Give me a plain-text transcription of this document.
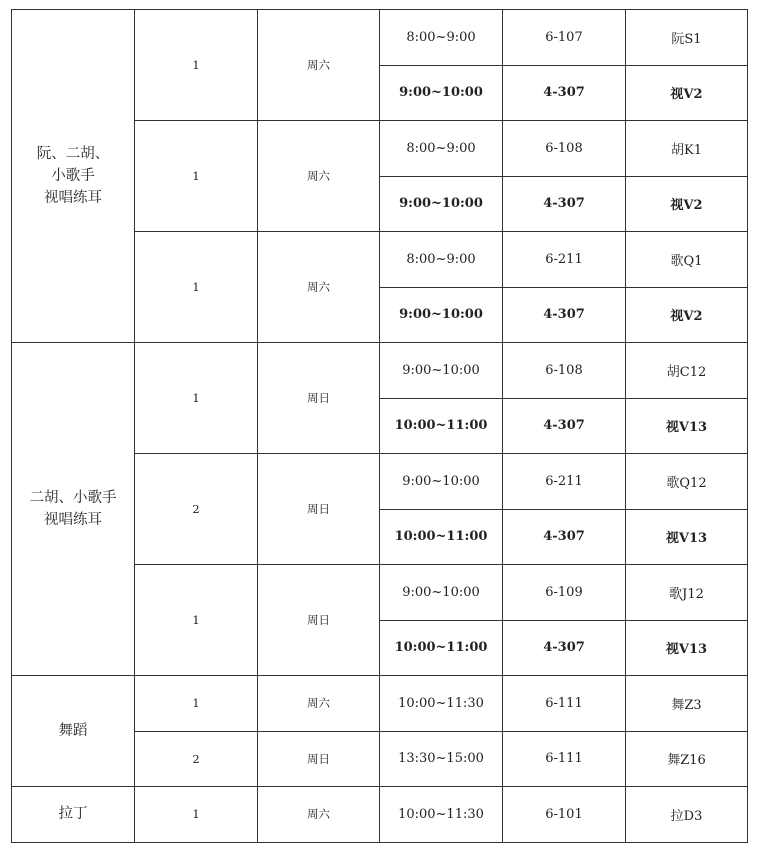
阮、二胡、
小歌手
视唱练耳	1	周六	8:00~9:00	6-107	阮S1
			9:00~10:00	4-307	视V2
	1	周六	8:00~9:00	6-108	胡K1
			9:00~10:00	4-307	视V2
	1	周六	8:00~9:00	6-211	歌Q1
			9:00~10:00	4-307	视V2

二胡、小歌手
视唱练耳	1	周日	9:00~10:00	6-108	胡C12
			10:00~11:00	4-307	视V13
	2	周日	9:00~10:00	6-211	歌Q12
			10:00~11:00	4-307	视V13
	1	周日	9:00~10:00	6-109	歌J12
			10:00~11:00	4-307	视V13

舞蹈	1	周六	10:00~11:30	6-111	舞Z3
	2	周日	13:30~15:00	6-111	舞Z16

拉丁	1	周六	10:00~11:30	6-101	拉D3
